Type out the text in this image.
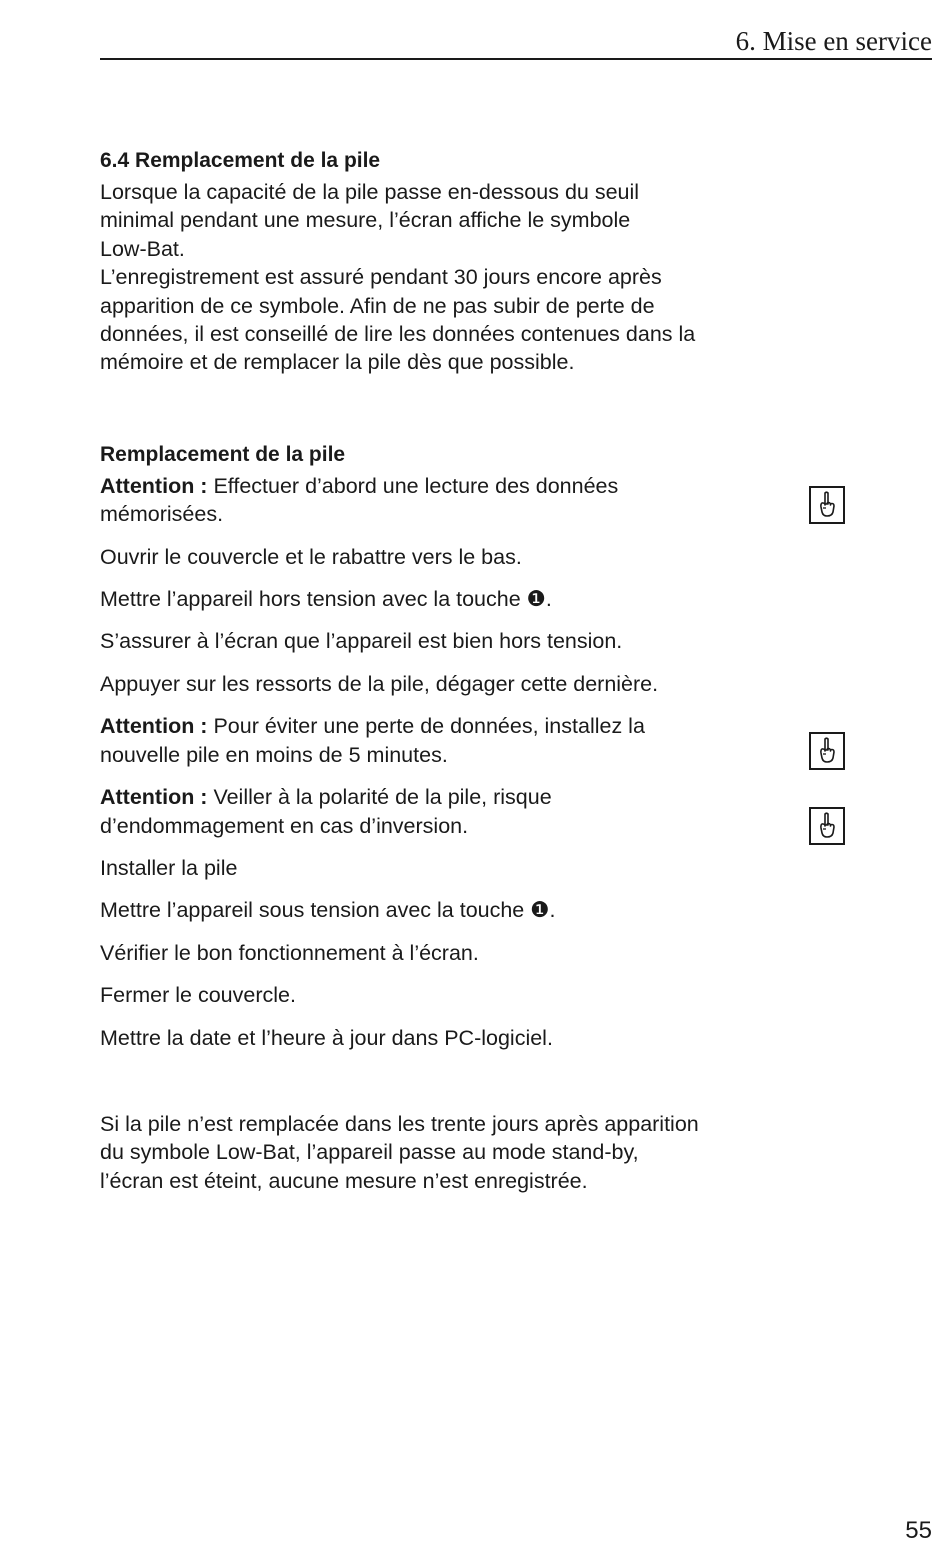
6. Mise en service
6.4 Remplacement de la pile

Lorsque la capacité de la pile passe en-dessous du seuil

minimal pendant une mesure, l’écran affiche le symbole

Low-Bat.

L’enregistrement est assuré pendant 30 jours encore après

apparition de ce symbole. Afin de ne pas subir de perte de

données, il est conseillé de lire les données contenues dans la

mémoire et de remplacer la pile dès que possible.

Remplacement de la pile

Attention : Effectuer d’abord une lecture des données
mémorisées.

Ouvrir le couvercle et le rabattre vers le bas.

Mettre l’appareil hors tension avec la touche ❶.

S’assurer à l’écran que l’appareil est bien hors tension.

Appuyer sur les ressorts de la pile, dégager cette dernière.

Attention : Pour éviter une perte de données, installez la
nouvelle pile en moins de 5 minutes.

Attention : Veiller à la polarité de la pile, risque
d’endommagement en cas d’inversion.

Installer la pile

Mettre l’appareil sous tension avec la touche ❶.

Vérifier le bon fonctionnement à l’écran.

Fermer le couvercle.

Mettre la date et l’heure à jour dans PC-logiciel.

Si la pile n’est remplacée dans les trente jours après apparition

du symbole Low-Bat, l’appareil passe au mode stand-by,

l’écran est éteint, aucune mesure n’est enregistrée.

55
